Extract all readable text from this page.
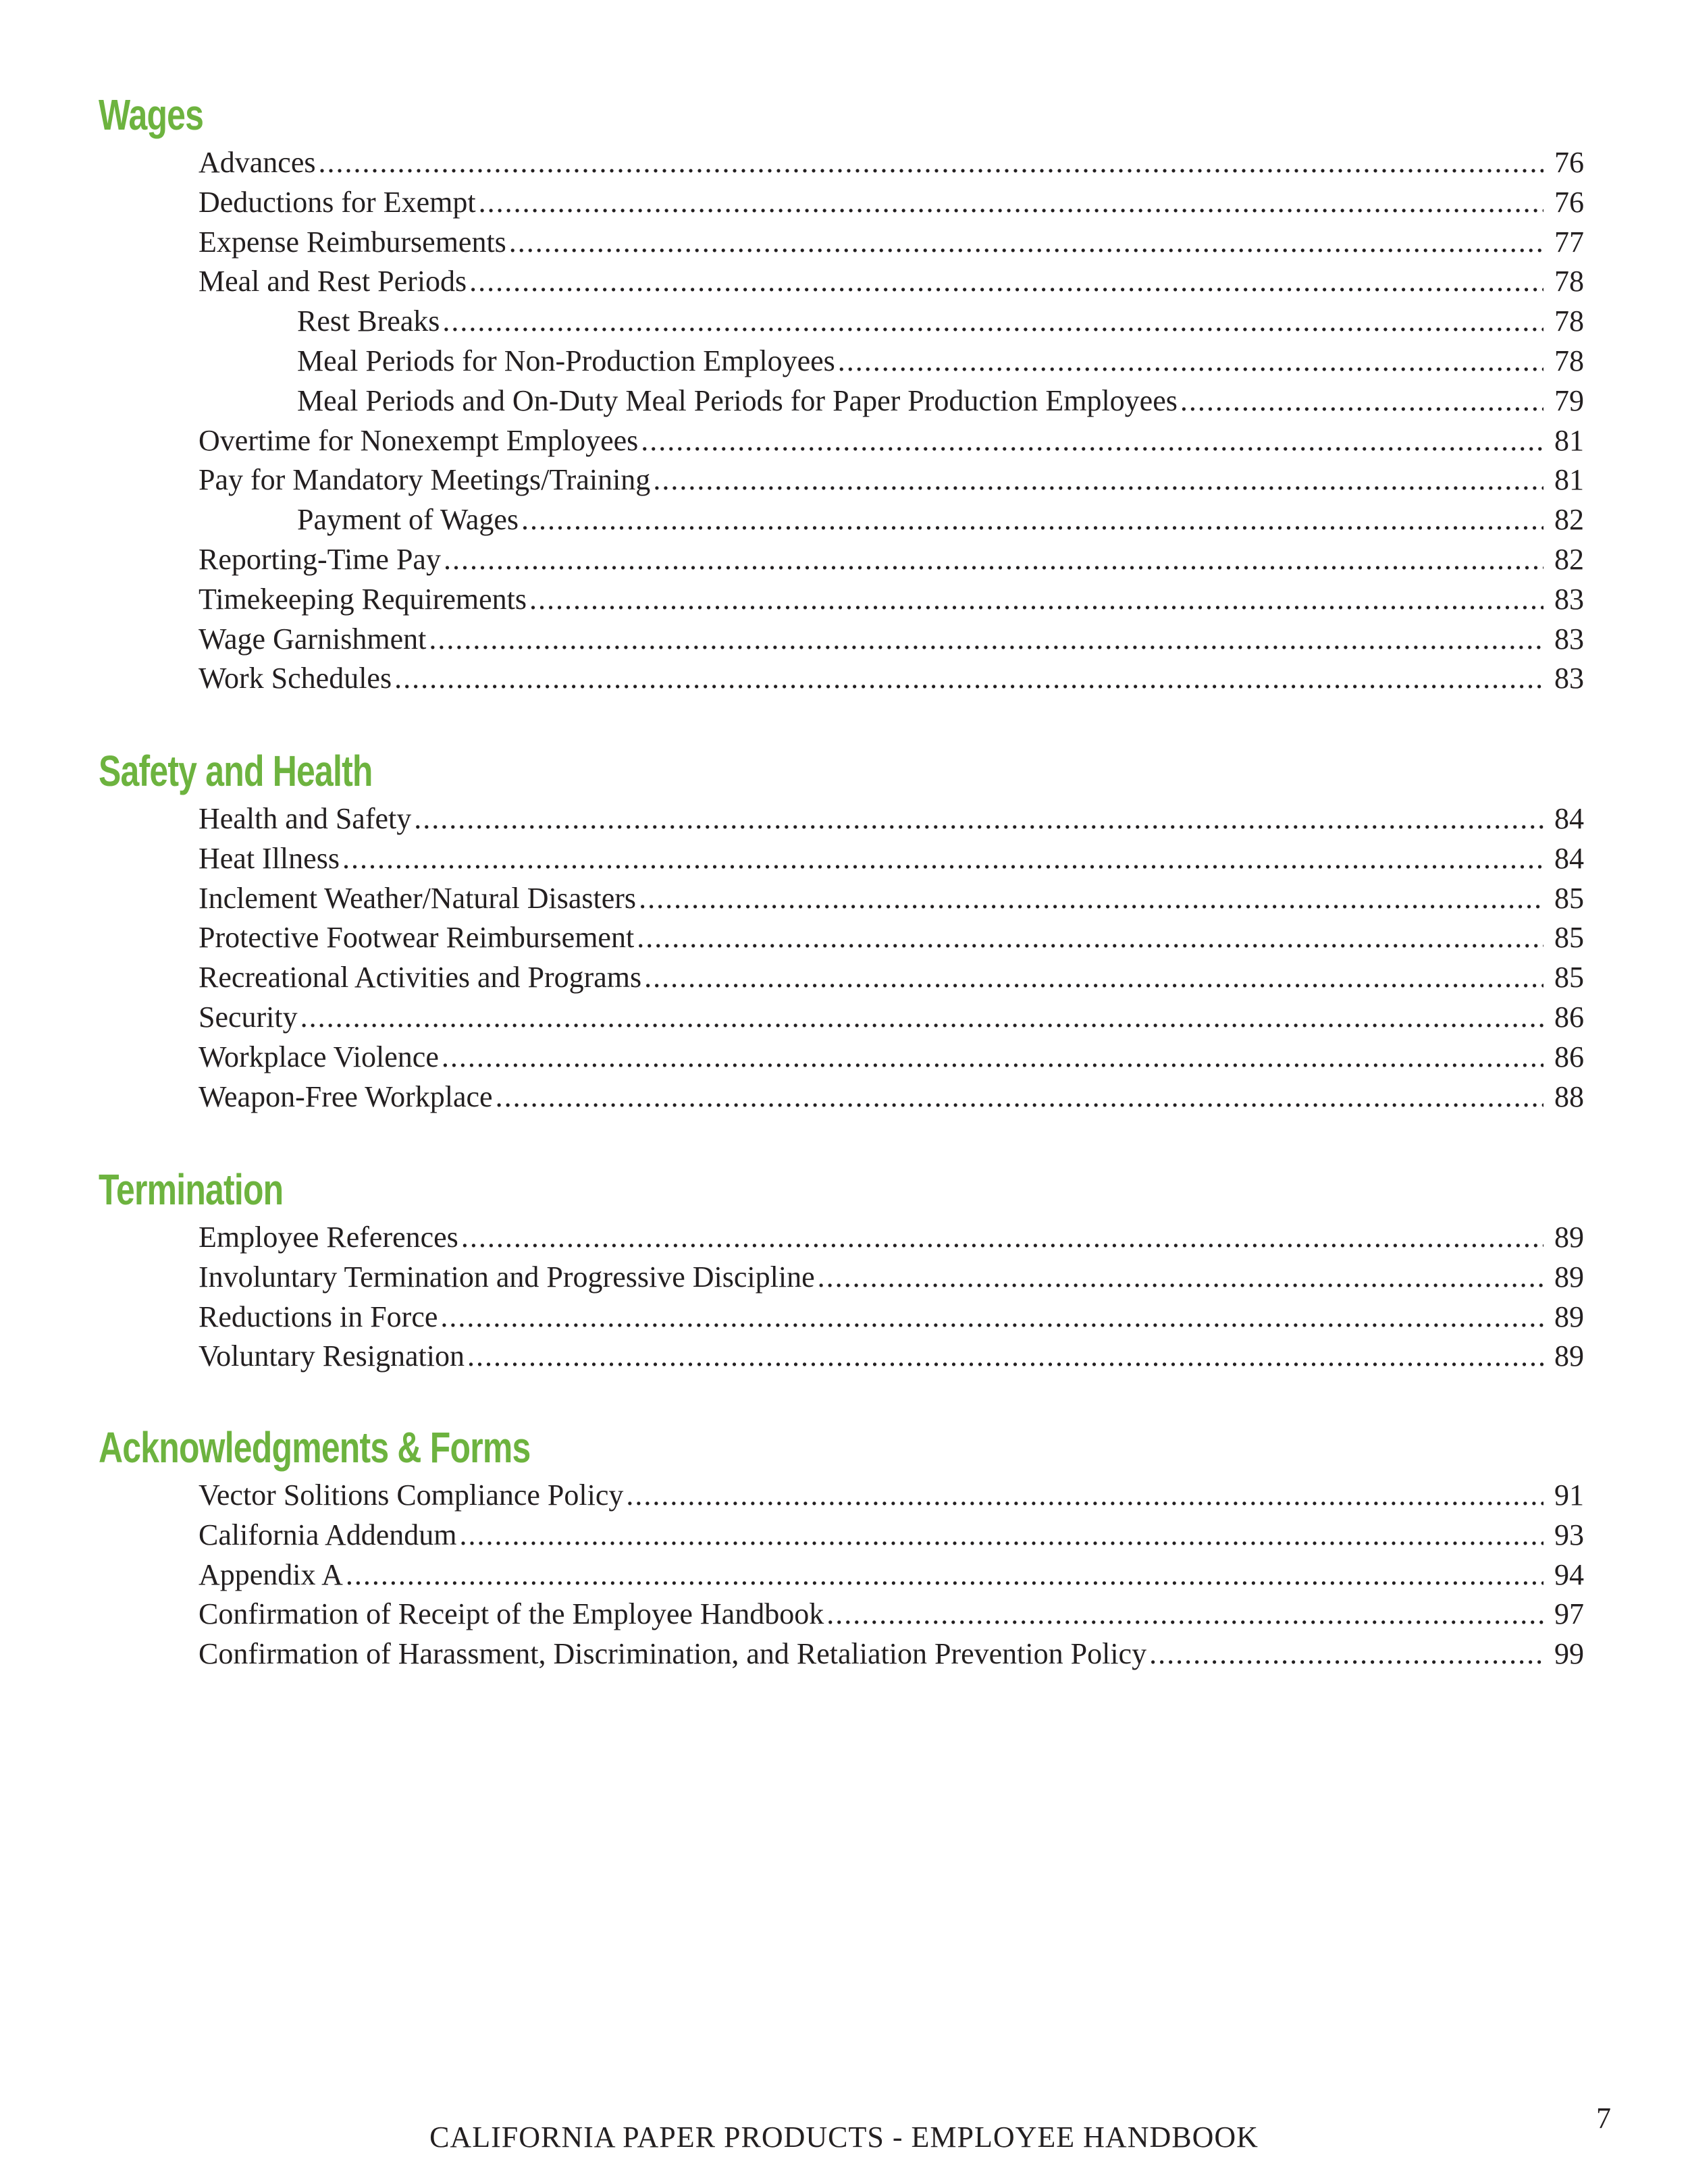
Wages
Advances .....	76
Deductions for Exempt .....	76
Expense Reimbursements .....	77
Meal and Rest Periods .....	78
Rest Breaks .....	78
Meal Periods for Non-Production Employees .....	78
Meal Periods and On-Duty Meal Periods for Paper Production Employees .....	79
Overtime for Nonexempt Employees .....	81
Pay for Mandatory Meetings/Training .....	81
Payment of Wages .....	82
Reporting-Time Pay .....	82
Timekeeping Requirements .....	83
Wage Garnishment .....	83
Work Schedules .....	83
Safety and Health
Health and Safety .....	84
Heat Illness .....	84
Inclement Weather/Natural Disasters .....	85
Protective Footwear Reimbursement .....	85
Recreational Activities and Programs .....	85
Security .....	86
Workplace Violence .....	86
Weapon-Free Workplace .....	88
Termination
Employee References .....	89
Involuntary Termination and Progressive Discipline .....	89
Reductions in Force .....	89
Voluntary Resignation .....	89
Acknowledgments & Forms
Vector Solitions Compliance Policy .....	91
California Addendum .....	93
Appendix A .....	94
Confirmation of Receipt of the Employee Handbook .....	97
Confirmation of Harassment, Discrimination, and Retaliation Prevention Policy .....	99
7
CALIFORNIA PAPER PRODUCTS - EMPLOYEE HANDBOOK
